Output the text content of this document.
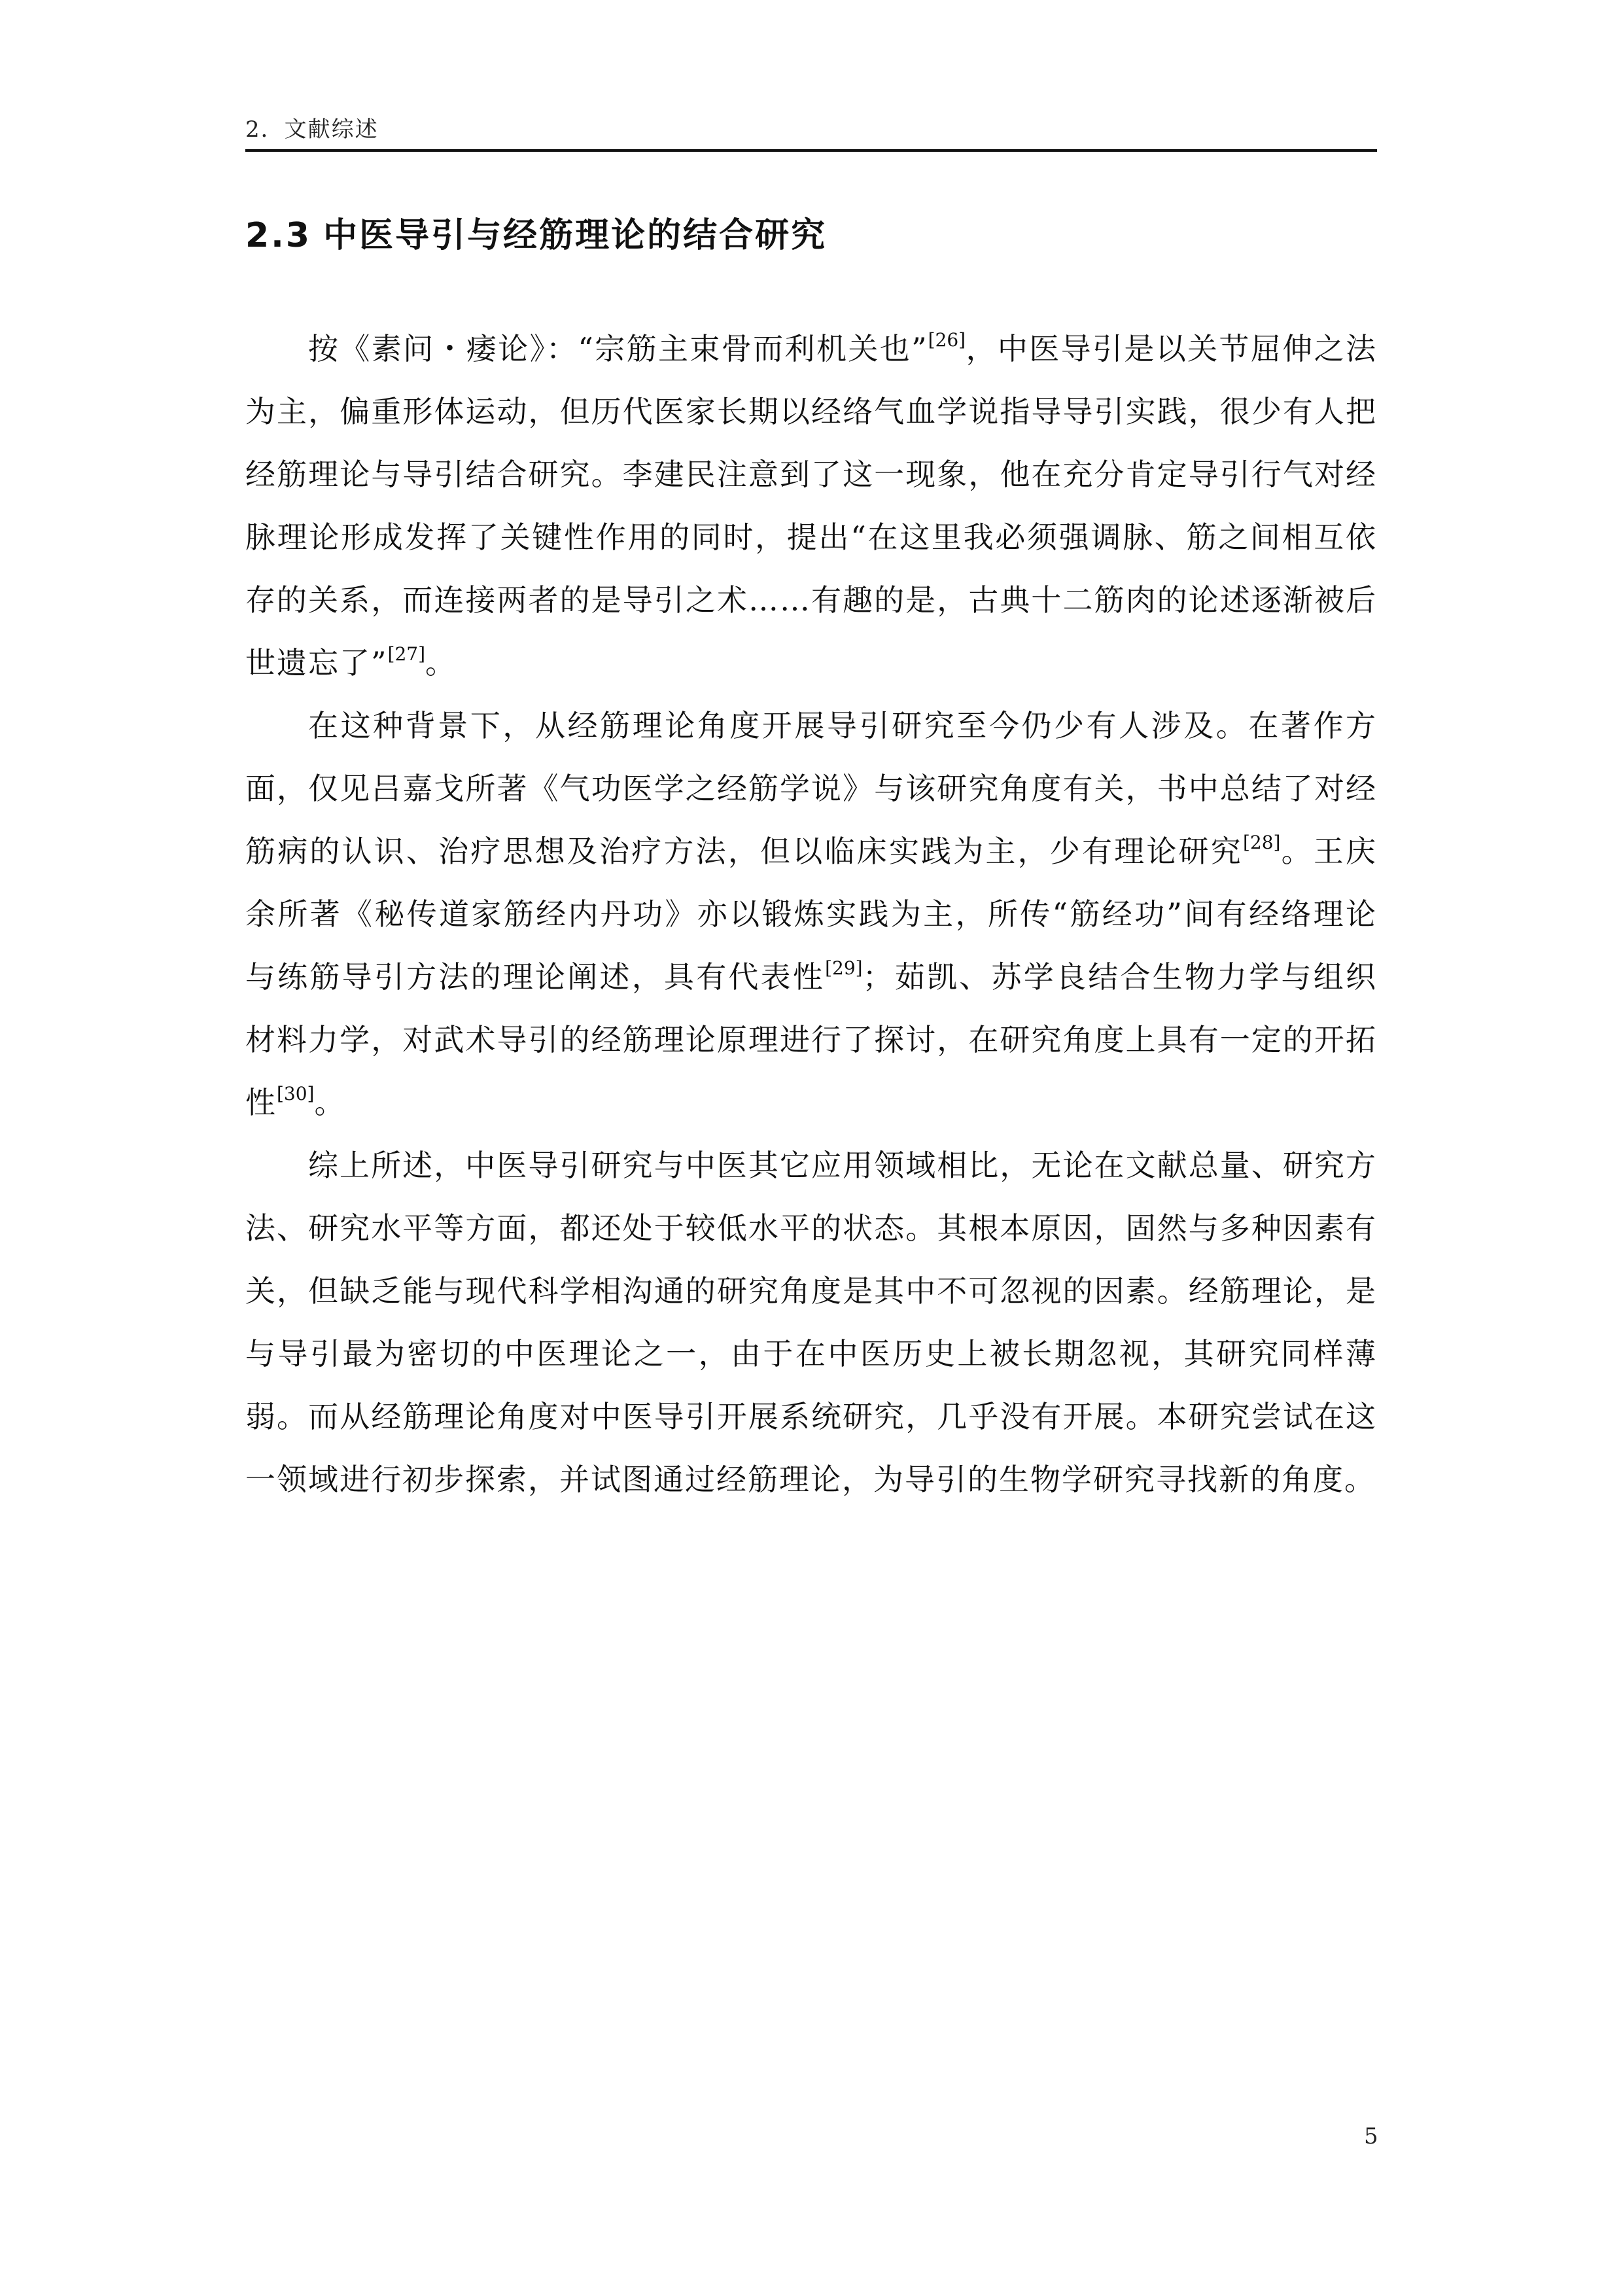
2．文献综述
2.3 中医导引与经筋理论的结合研究

按《素问・痿论》：“宗筋主束骨而利机关也”[26]，中医导引是以关节屈伸之法为主，偏重形体运动，但历代医家长期以经络气血学说指导导引实践，很少有人把经筋理论与导引结合研究。李建民注意到了这一现象，他在充分肯定导引行气对经脉理论形成发挥了关键性作用的同时，提出“在这里我必须强调脉、筋之间相互依存的关系，而连接两者的是导引之术……有趣的是，古典十二筋肉的论述逐渐被后世遗忘了”[27]。

在这种背景下，从经筋理论角度开展导引研究至今仍少有人涉及。在著作方面，仅见吕嘉戈所著《气功医学之经筋学说》与该研究角度有关，书中总结了对经筋病的认识、治疗思想及治疗方法，但以临床实践为主，少有理论研究[28]。王庆余所著《秘传道家筋经内丹功》亦以锻炼实践为主，所传“筋经功”间有经络理论与练筋导引方法的理论阐述，具有代表性[29]；茹凯、苏学良结合生物力学与组织材料力学，对武术导引的经筋理论原理进行了探讨，在研究角度上具有一定的开拓性[30]。

综上所述，中医导引研究与中医其它应用领域相比，无论在文献总量、研究方法、研究水平等方面，都还处于较低水平的状态。其根本原因，固然与多种因素有关，但缺乏能与现代科学相沟通的研究角度是其中不可忽视的因素。经筋理论，是与导引最为密切的中医理论之一，由于在中医历史上被长期忽视，其研究同样薄弱。而从经筋理论角度对中医导引开展系统研究，几乎没有开展。本研究尝试在这一领域进行初步探索，并试图通过经筋理论，为导引的生物学研究寻找新的角度。

5
